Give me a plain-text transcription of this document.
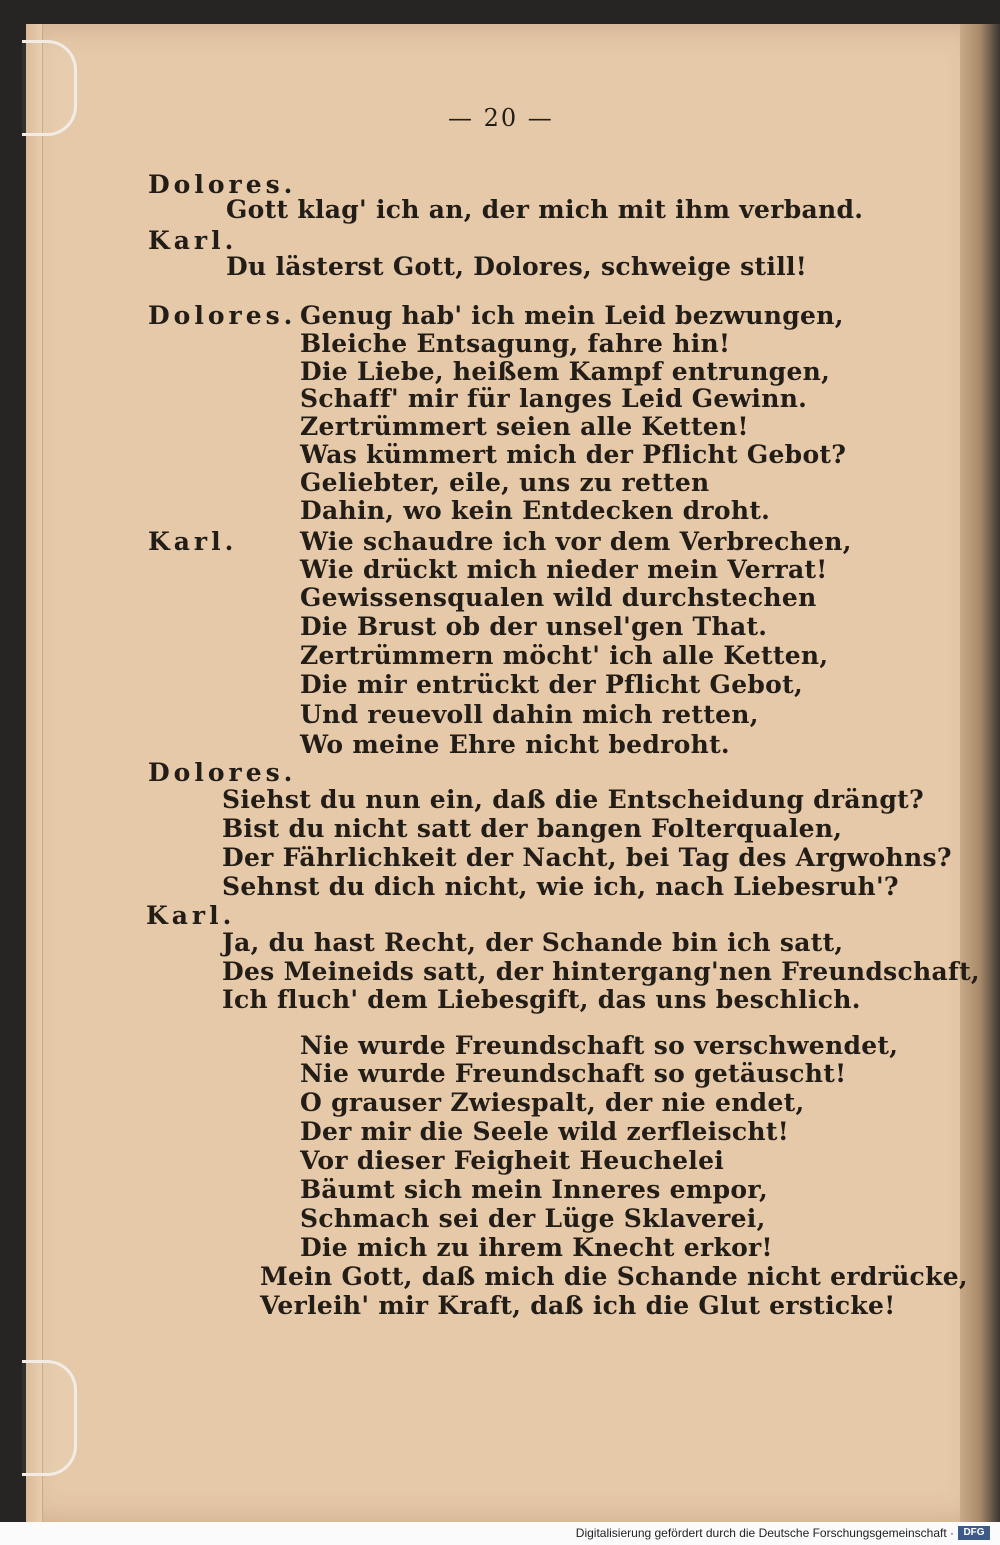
— 20 —
Dolores.
Gott klag' ich an, der mich mit ihm verband.
Karl.
Du lästerst Gott, Dolores, schweige still!
Dolores. Genug hab' ich mein Leid bezwungen,
Bleiche Entsagung, fahre hin!
Die Liebe, heißem Kampf entrungen,
Schaff' mir für langes Leid Gewinn.
Zertrümmert seien alle Ketten!
Was kümmert mich der Pflicht Gebot?
Geliebter, eile, uns zu retten
Dahin, wo kein Entdecken droht.
Karl.	Wie schaudre ich vor dem Verbrechen,
Wie drückt mich nieder mein Verrat!
Gewissensqualen wild durchstechen
Die Brust ob der unsel'gen That.
Zertrümmern möcht' ich alle Ketten,
Die mir entrückt der Pflicht Gebot,
Und reuevoll dahin mich retten,
Wo meine Ehre nicht bedroht.
Dolores.
Siehst du nun ein, daß die Entscheidung drängt?
Bist du nicht satt der bangen Folterqualen,
Der Fährlichkeit der Nacht, bei Tag des Argwohns?
Sehnst du dich nicht, wie ich, nach Liebesruh'?
Karl.
Ja, du hast Recht, der Schande bin ich satt,
Des Meineids satt, der hintergang'nen Freundschaft,
Ich fluch' dem Liebesgift, das uns beschlich.
Nie wurde Freundschaft so verschwendet,
Nie wurde Freundschaft so getäuscht!
O grauser Zwiespalt, der nie endet,
Der mir die Seele wild zerfleischt!
Vor dieser Feigheit Heuchelei
Bäumt sich mein Inneres empor,
Schmach sei der Lüge Sklaverei,
Die mich zu ihrem Knecht erkor!
Mein Gott, daß mich die Schande nicht erdrücke,
Verleih' mir Kraft, daß ich die Glut ersticke!
Digitalisierung gefördert durch die Deutsche Forschungsgemeinschaft · DFG
